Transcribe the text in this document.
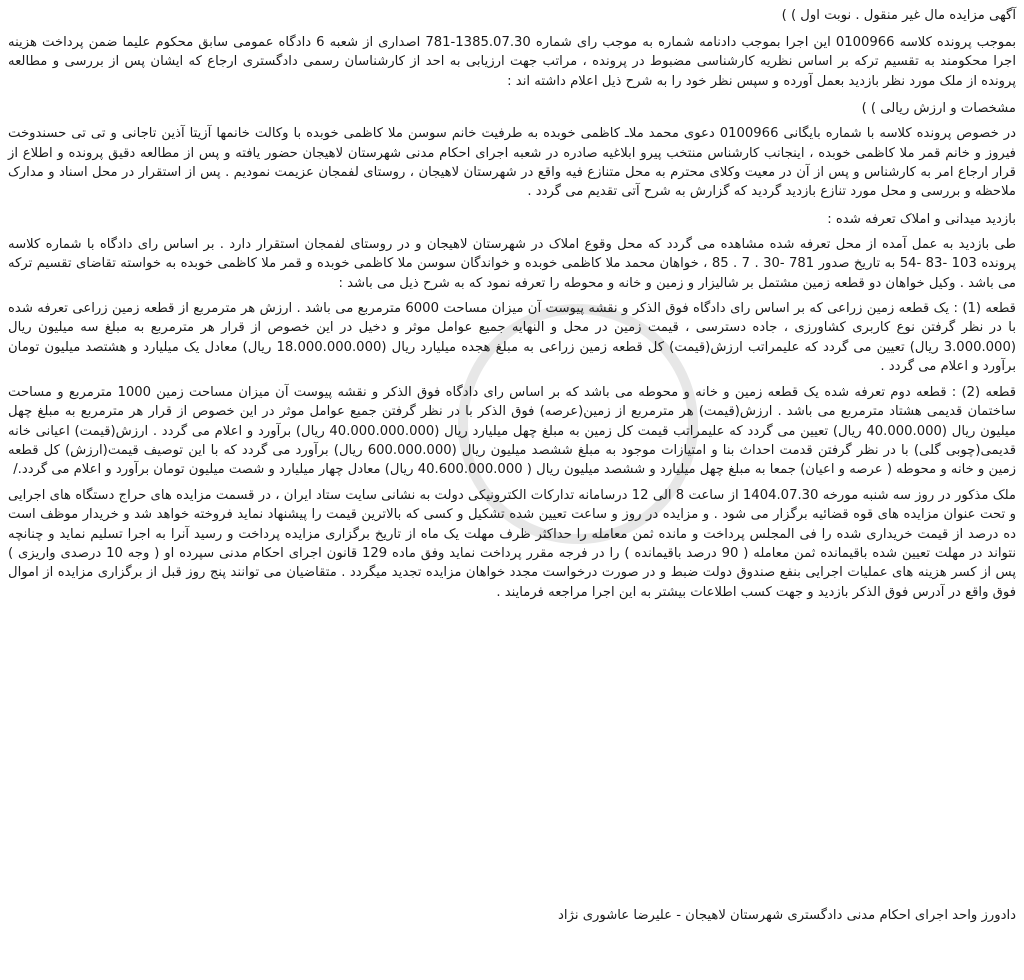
آگهی مزایده مال غیر منقول . نوبت اول ) )

بموجب پرونده کلاسه 0100966 این اجرا بموجب دادنامه شماره به موجب رای شماره 1385.07.30-781 اصداری از شعبه 6 دادگاه عمومی سابق محکوم علیما ضمن پرداخت هزینه اجرا محکومند به تقسیم ترکه بر اساس نظریه کارشناسی مضبوط در پرونده ، مراتب جهت ارزیابی به احد از کارشناسان رسمی دادگستری ارجاع که ایشان پس از بررسی و مطالعه پرونده از ملک مورد نظر بازدید بعمل آورده و سپس نظر خود را به شرح ذیل اعلام داشته اند :

مشخصات و ارزش ریالی ) )

در خصوص پرونده کلاسه با شماره بایگانی 0100966 دعوی محمد ملاـ کاظمی خوبده به طرفیت خانم سوسن ملا کاظمی خوبده با وکالت خانمها آزیتا آذین تاجانی و تی تی حسندوخت فیروز و خانم قمر ملا کاظمی خوبده ، اینجانب کارشناس منتخب پیرو ابلاغیه صادره در شعبه اجرای احکام مدنی شهرستان لاهیجان حضور یافته و پس از مطالعه دقیق پرونده و اطلاع از قرار ارجاع امر به کارشناس و پس از آن در معیت وکلای محترم به محل متنازع فیه واقع در شهرستان لاهیجان ، روستای لفمجان عزیمت نمودیم . پس از استقرار در محل اسناد و مدارک ملاحظه و بررسی و محل مورد تنازع بازدید گردید که گزارش به شرح آتی تقدیم می گردد .

بازدید میدانی و املاک تعرفه شده :

طی بازدید به عمل آمده از محل تعرفه شده مشاهده می گردد که محل وقوع املاک در شهرستان لاهیجان و در روستای لفمجان استقرار دارد . بر اساس رای دادگاه با شماره کلاسه پرونده 103 -83 -54 به تاریخ صدور 781 -30 . 7 . 85 ، خواهان محمد ملا کاظمی خوبده و خواندگان سوسن ملا کاظمی خوبده و قمر ملا کاظمی خوبده به خواسته تقاضای تقسیم ترکه می باشد . وکیل خواهان دو قطعه زمین مشتمل بر شالیزار و زمین و خانه و محوطه را تعرفه نمود که به شرح ذیل می باشد :

قطعه (1) : یک قطعه زمین زراعی که بر اساس رای دادگاه فوق الذکر و نقشه پیوست آن میزان مساحت 6000 مترمربع می باشد . ارزش هر مترمربع از قطعه زمین زراعی تعرفه شده با در نظر گرفتن نوع کاربری کشاورزی ، جاده دسترسی ، قیمت زمین در محل و النهایه جمیع عوامل موثر و دخیل در این خصوص از قرار هر مترمربع به مبلغ سه میلیون ریال (3.000.000 ریال) تعیین می گردد که علیمراتب ارزش(قیمت) کل قطعه زمین زراعی به مبلغ هجده میلیارد ریال (18.000.000.000 ریال) معادل یک میلیارد و هشتصد میلیون تومان برآورد و اعلام می گردد .

قطعه (2) : قطعه دوم تعرفه شده یک قطعه زمین و خانه و محوطه می باشد که بر اساس رای دادگاه فوق الذکر و نقشه پیوست آن میزان مساحت زمین 1000 مترمربع و مساحت ساختمان قدیمی هشتاد مترمربع می باشد . ارزش(قیمت) هر مترمربع از زمین(عرصه) فوق الذکر با در نظر گرفتن جمیع عوامل موثر در این خصوص از قرار هر مترمربع به مبلغ چهل میلیون ریال (40.000.000 ریال) تعیین می گردد که علیمراتب قیمت کل زمین به مبلغ چهل میلیارد ریال (40.000.000.000 ریال) برآورد و اعلام می گردد . ارزش(قیمت) اعیانی خانه قدیمی(چوبی گلی) با در نظر گرفتن قدمت احداث بنا و امتیازات موجود به مبلغ ششصد میلیون ریال (600.000.000 ریال) برآورد می گردد که با این توصیف قیمت(ارزش) کل قطعه زمین و خانه و محوطه ( عرصه و اعیان) جمعا به مبلغ چهل میلیارد و ششصد میلیون ریال ( 40.600.000.000 ریال) معادل چهار میلیارد و شصت میلیون تومان برآورد و اعلام می گردد./

ملک مذکور در روز سه شنبه مورخه 1404.07.30 از ساعت 8 الی 12 درسامانه تدارکات الکترونیکی دولت به نشانی سایت ستاد ایران ، در قسمت مزایده های حراج دستگاه های اجرایی و تحت عنوان مزایده های قوه قضائیه برگزار می شود . و مزایده در روز و ساعت تعیین شده تشکیل و کسی که بالاترین قیمت را پیشنهاد نماید فروخته خواهد شد و خریدار موظف است ده درصد از قیمت خریداری شده را فی المجلس پرداخت و مانده ثمن معامله را حداکثر ظرف مهلت یک ماه از تاریخ برگزاری مزایده پرداخت و رسید آنرا به اجرا تسلیم نماید و چنانچه نتواند در مهلت تعیین شده باقیمانده ثمن معامله ( 90 درصد باقیمانده ) را در فرجه مقرر پرداخت نماید وفق ماده 129 قانون اجرای احکام مدنی سپرده او ( وجه 10 درصدی واریزی ) پس از کسر هزینه های عملیات اجرایی بنفع صندوق دولت ضبط و در صورت درخواست مجدد خواهان مزایده تجدید میگردد . متقاضیان می توانند پنج روز قبل از برگزاری مزایده از اموال فوق واقع در آدرس فوق الذکر بازدید و جهت کسب اطلاعات بیشتر به این اجرا مراجعه فرمایند .

دادورز واحد اجرای احکام مدنی دادگستری شهرستان لاهیجان - علیرضا عاشوری نژاد
